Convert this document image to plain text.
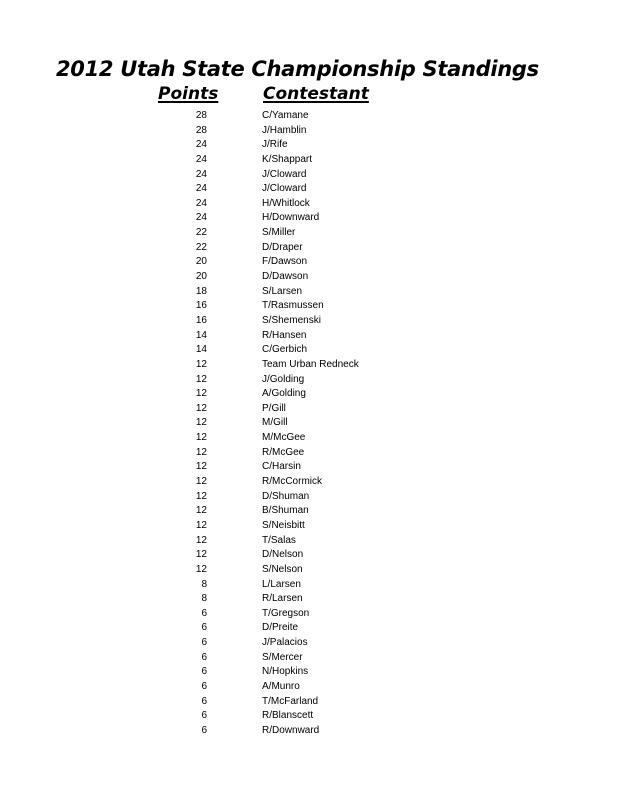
2012 Utah State Championship Standings
Points	Contestant
28	C/Yamane
28	J/Hamblin
24	J/Rife
24	K/Shappart
24	J/Cloward
24	J/Cloward
24	H/Whitlock
24	H/Downward
22	S/Miller
22	D/Draper
20	F/Dawson
20	D/Dawson
18	S/Larsen
16	T/Rasmussen
16	S/Shemenski
14	R/Hansen
14	C/Gerbich
12	Team Urban Redneck
12	J/Golding
12	A/Golding
12	P/Gill
12	M/Gill
12	M/McGee
12	R/McGee
12	C/Harsin
12	R/McCormick
12	D/Shuman
12	B/Shuman
12	S/Neisbitt
12	T/Salas
12	D/Nelson
12	S/Nelson
8	L/Larsen
8	R/Larsen
6	T/Gregson
6	D/Preite
6	J/Palacios
6	S/Mercer
6	N/Hopkins
6	A/Munro
6	T/McFarland
6	R/Blanscett
6	R/Downward
